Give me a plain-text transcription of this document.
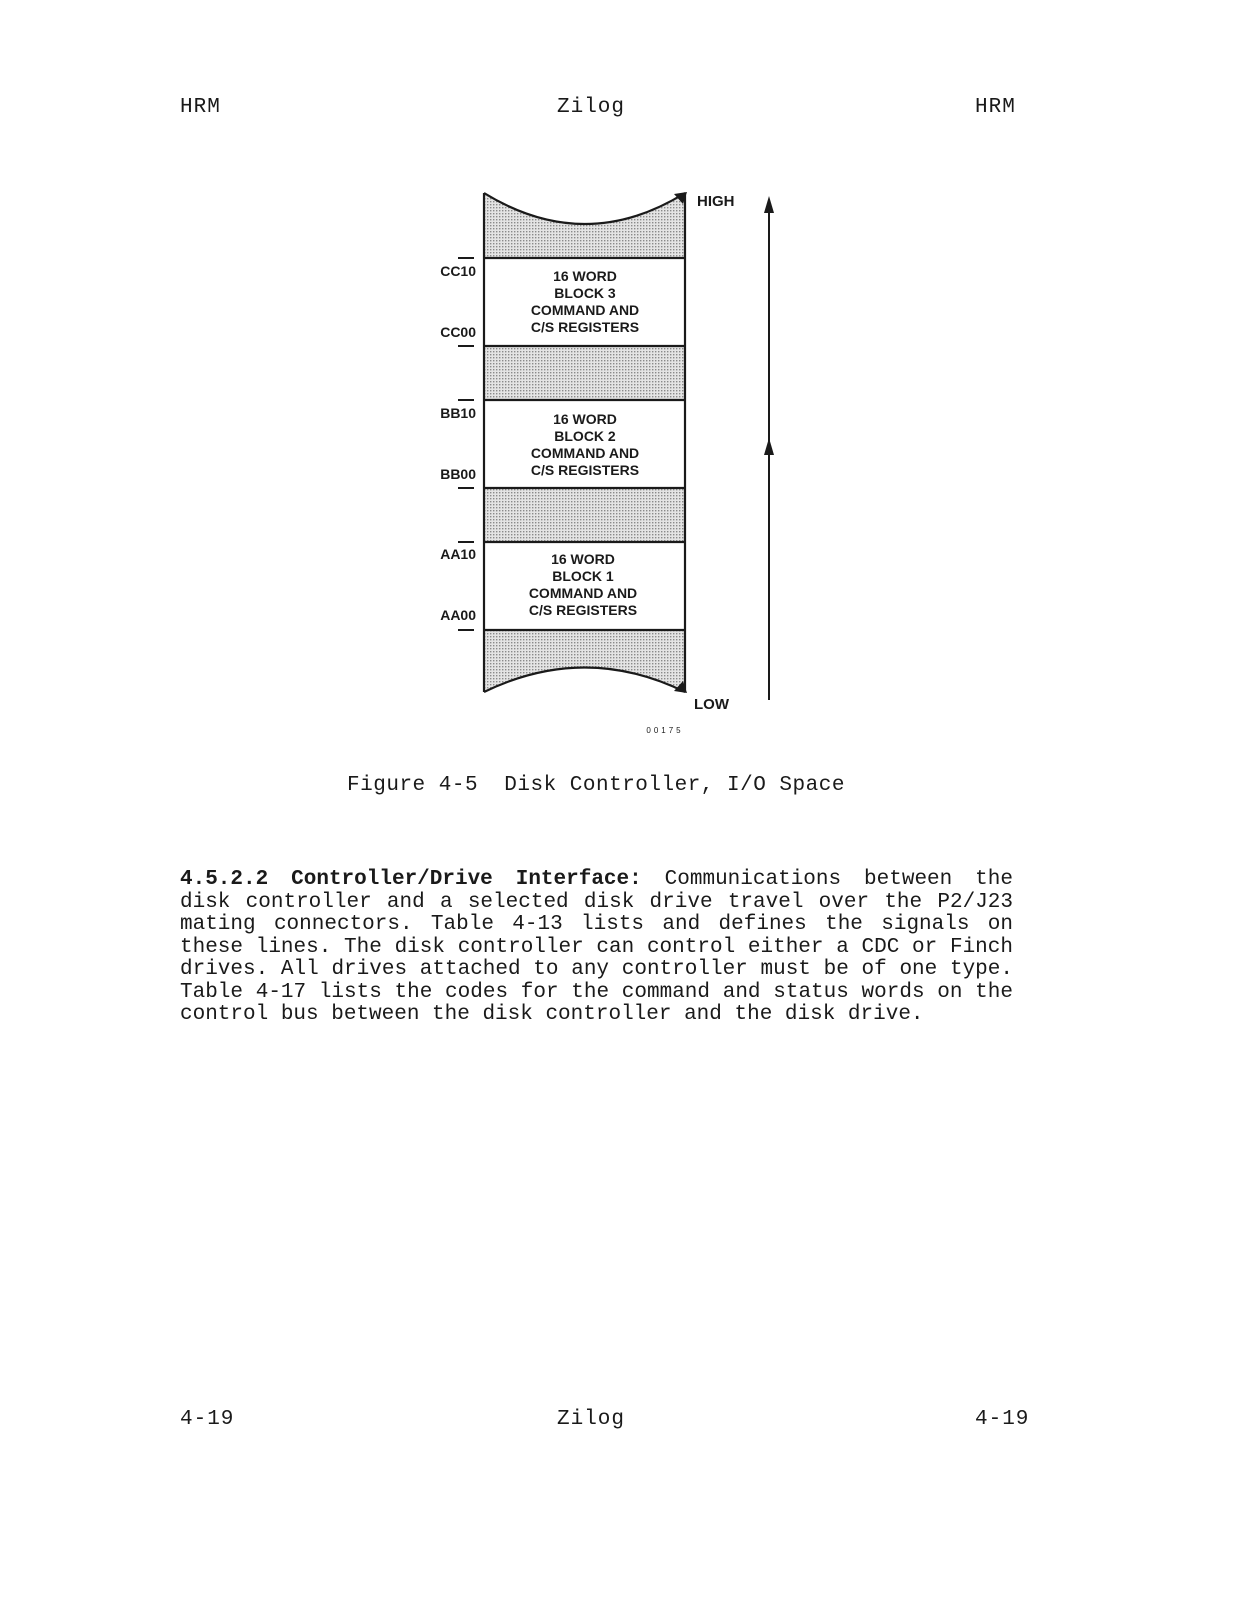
HRM	Zilog	HRM
16 WORD
BLOCK 3
COMMAND AND
C/S REGISTERS
16 WORD
BLOCK 2
COMMAND AND
C/S REGISTERS
16 WORD
BLOCK 1
COMMAND AND
C/S REGISTERS
CC10
CC00
BB10
BB00
AA10
AA00
HIGH
LOW
00175
Figure 4-5  Disk Controller, I/O Space

4.5.2.2 Controller/Drive Interface: Communications between the disk controller and a selected disk drive travel over the P2/J23 mating connectors. Table 4-13 lists and defines the signals on these lines. The disk controller can control either a CDC or Finch drives. All drives attached to any controller must be of one type. Table 4-17 lists the codes for the command and status words on the control bus between the disk controller and the disk drive.

4-19	Zilog	4-19
